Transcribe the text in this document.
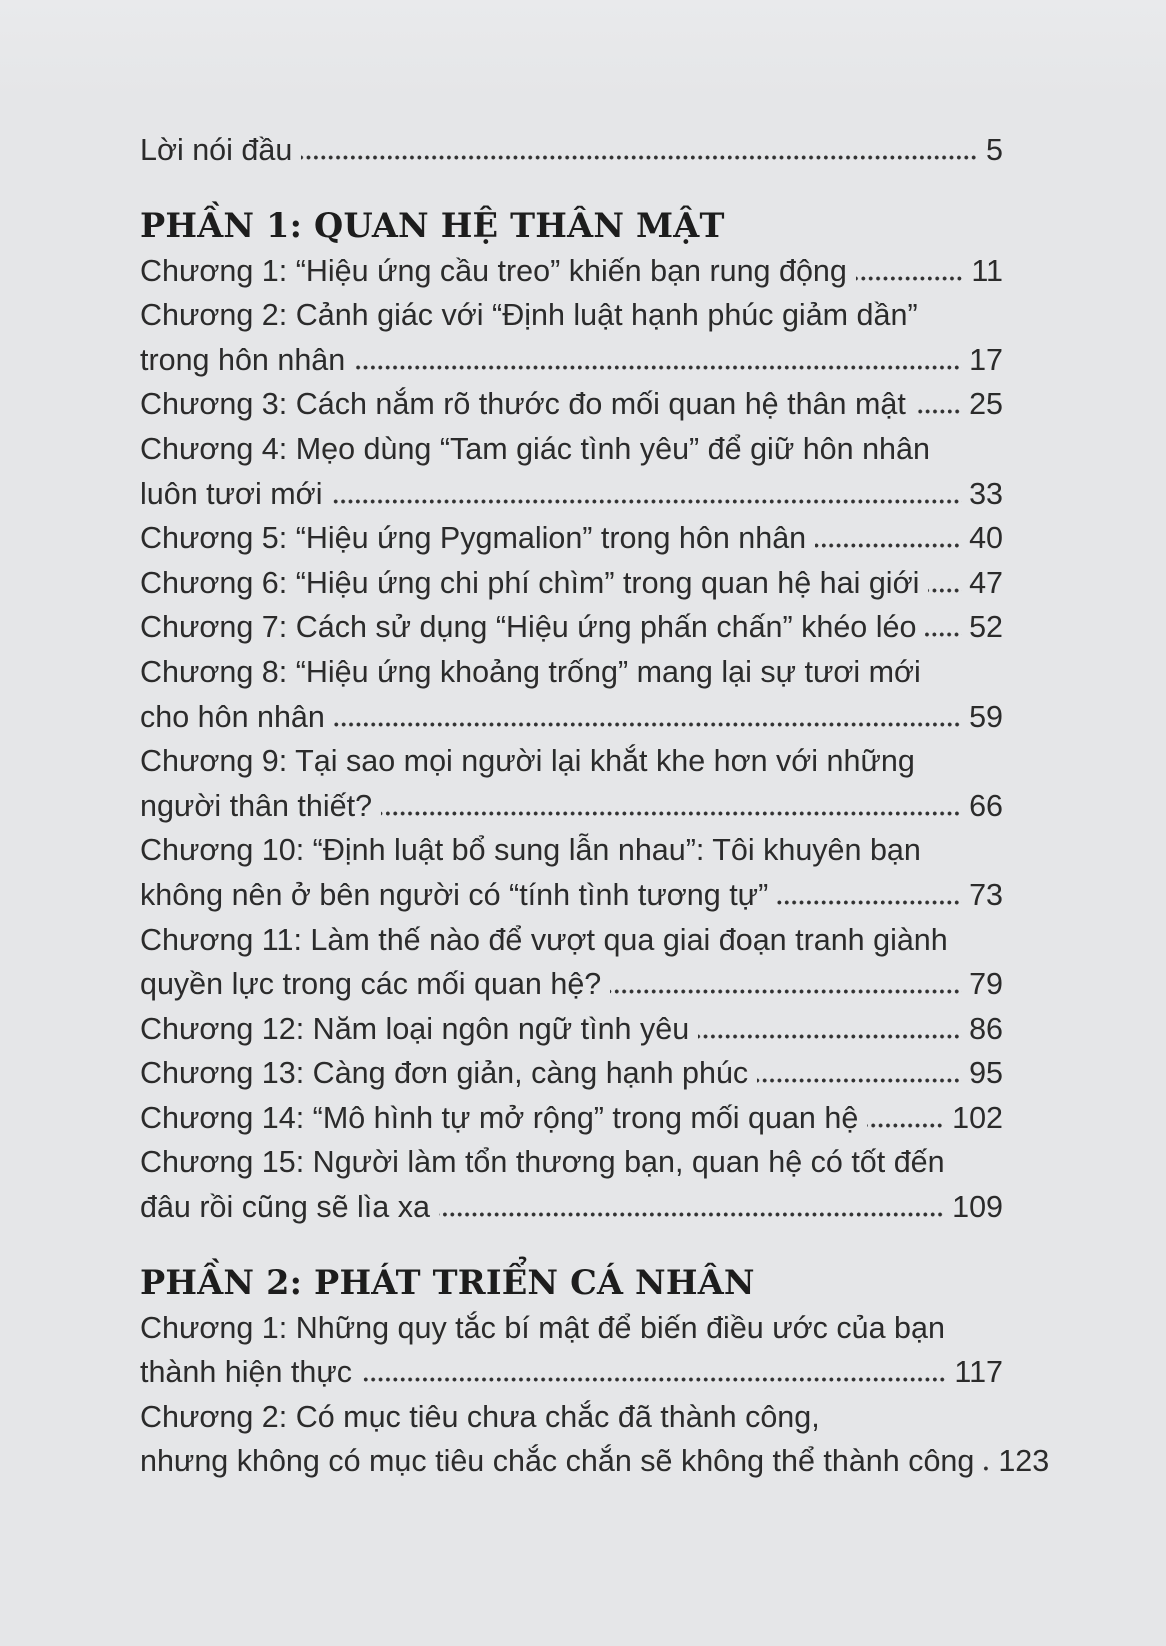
Lời nói đầu	5
PHẦN 1: QUAN HỆ THÂN MẬT
Chương 1: “Hiệu ứng cầu treo” khiến bạn rung động	11
Chương 2: Cảnh giác với “Định luật hạnh phúc giảm dần”
trong hôn nhân	17
Chương 3: Cách nắm rõ thước đo mối quan hệ thân mật 25
Chương 4: Mẹo dùng “Tam giác tình yêu” để giữ hôn nhân
luôn tươi mới	33
Chương 5: “Hiệu ứng Pygmalion” trong hôn nhân	40
Chương 6: “Hiệu ứng chi phí chìm” trong quan hệ hai giới 47
Chương 7: Cách sử dụng “Hiệu ứng phấn chấn” khéo léo 52
Chương 8: “Hiệu ứng khoảng trống” mang lại sự tươi mới
cho hôn nhân	59
Chương 9: Tại sao mọi người lại khắt khe hơn với những
người thân thiết?	66
Chương 10: “Định luật bổ sung lẫn nhau”: Tôi khuyên bạn
không nên ở bên người có “tính tình tương tự”	73
Chương 11: Làm thế nào để vượt qua giai đoạn tranh giành
quyền lực trong các mối quan hệ?	79
Chương 12: Năm loại ngôn ngữ tình yêu	86
Chương 13: Càng đơn giản, càng hạnh phúc	95
Chương 14: “Mô hình tự mở rộng” trong mối quan hệ	102
Chương 15: Người làm tổn thương bạn, quan hệ có tốt đến
đâu rồi cũng sẽ lìa xa	109
PHẦN 2: PHÁT TRIỂN CÁ NHÂN
Chương 1: Những quy tắc bí mật để biến điều ước của bạn
thành hiện thực	117
Chương 2: Có mục tiêu chưa chắc đã thành công,
nhưng không có mục tiêu chắc chắn sẽ không thể thành công 123
